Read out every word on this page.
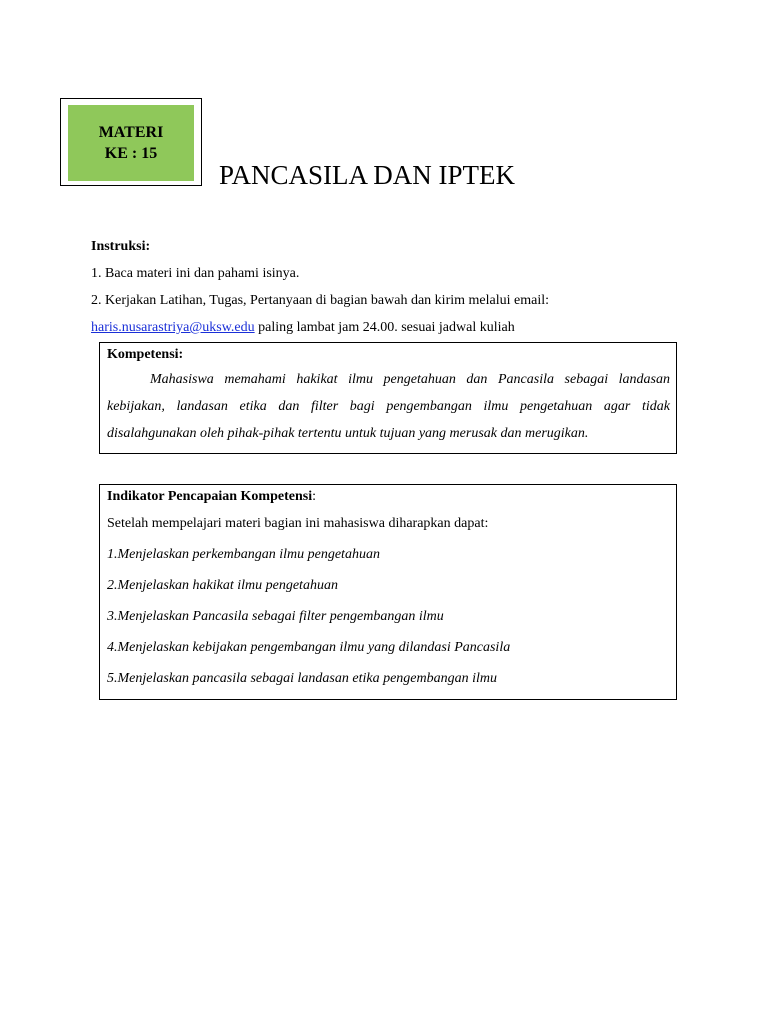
MATERI
KE : 15
PANCASILA DAN IPTEK
Instruksi:
1. Baca materi ini dan pahami isinya.
2. Kerjakan Latihan, Tugas, Pertanyaan di bagian bawah dan kirim melalui email:
haris.nusarastriya@uksw.edu paling lambat jam 24.00. sesuai jadwal kuliah
Kompetensi:
Mahasiswa memahami hakikat ilmu pengetahuan dan Pancasila sebagai landasan kebijakan, landasan etika dan filter bagi pengembangan ilmu pengetahuan agar tidak disalahgunakan oleh pihak-pihak tertentu untuk tujuan yang merusak dan merugikan.
Indikator Pencapaian Kompetensi:
Setelah mempelajari materi bagian ini mahasiswa diharapkan dapat:
1.Menjelaskan perkembangan ilmu pengetahuan
2.Menjelaskan hakikat ilmu pengetahuan
3.Menjelaskan Pancasila sebagai filter pengembangan ilmu
4.Menjelaskan kebijakan pengembangan ilmu yang dilandasi Pancasila
5.Menjelaskan pancasila sebagai landasan etika pengembangan ilmu
